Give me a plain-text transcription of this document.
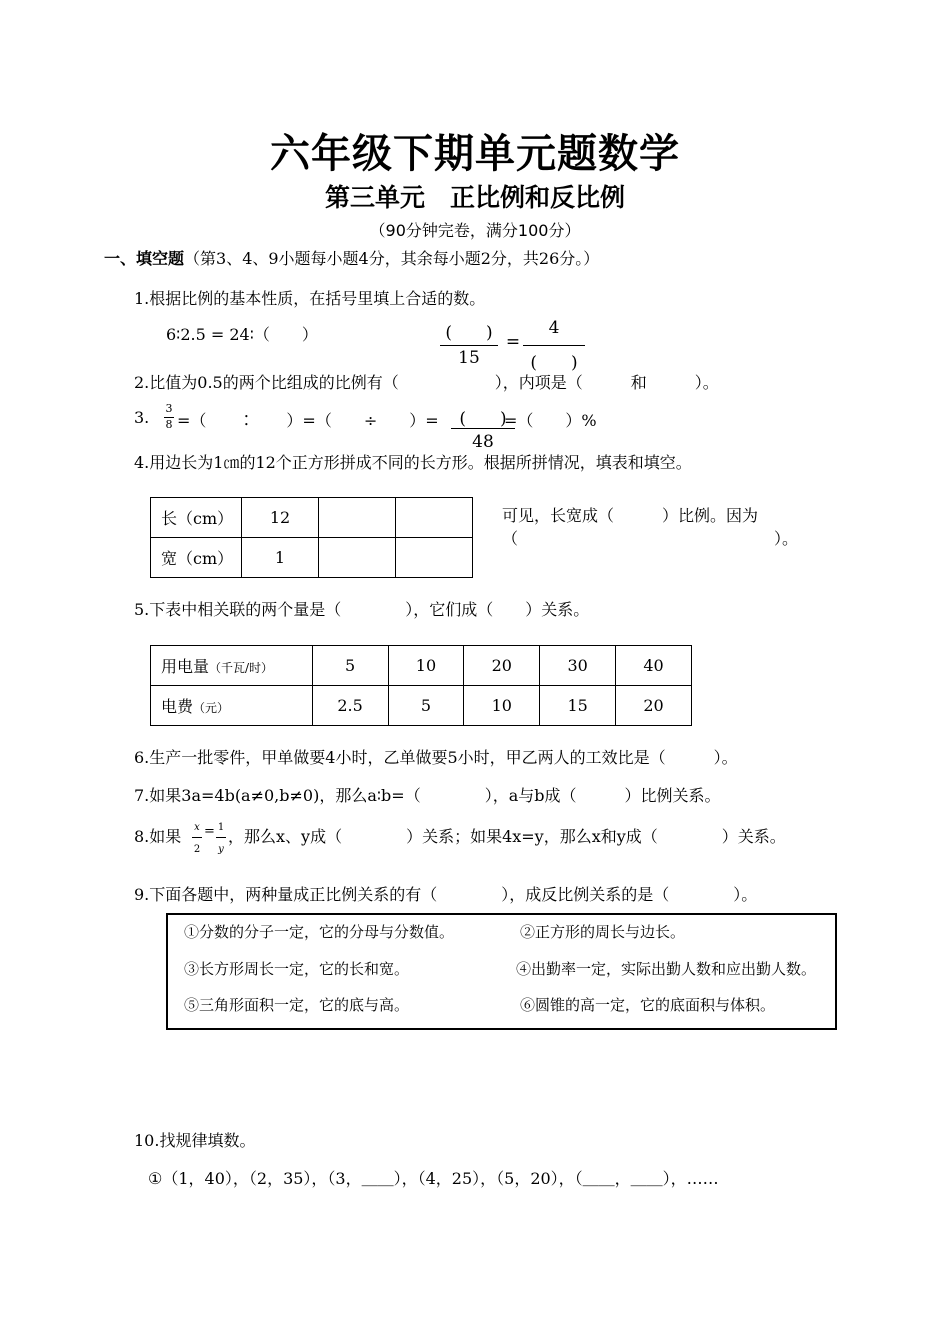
六年级下期单元题数学
第三单元　正比例和反比例
（90分钟完卷，满分100分）
一、填空题（第3、4、9小题每小题4分，其余每小题2分，共26分。）
1.根据比例的基本性质，在括号里填上合适的数。
6∶2.5 = 24∶（　　）	(　　)
15
=
4
(　　)
2.比值为0.5的两个比组成的比例有（　　　　　　），内项是（　　　和　　　）。
3. 3
8 =（　　∶　　）=（　　÷　　）=	(　　)
48
=（　　）%
4.用边长为1㎝的12个正方形拼成不同的长方形。根据所拼情况，填表和填空。
长（cm）	12		
宽（cm）	1		
可见，长宽成（　　　）比例。因为
（　　　　　　　　　　　　　　　　）。
5.下表中相关联的两个量是（　　　　），它们成（　　）关系。
用电量（千瓦/时）	5	10	20	30	40
电费（元）	2.5	5	10	15	20
6.生产一批零件，甲单做要4小时，乙单做要5小时，甲乙两人的工效比是（　　　）。
7.如果3a=4b(a≠0,b≠0)，那么a∶b=（　　　　），a与b成（　　　）比例关系。
8.如果 x
2
= 1
y
，那么x、y成（　　　　）关系；如果4x=y，那么x和y成（　　　　）关系。
9.下面各题中，两种量成正比例关系的有（　　　　），成反比例关系的是（　　　　）。
①分数的分子一定，它的分母与分数值。	②正方形的周长与边长。
③长方形周长一定，它的长和宽。	④出勤率一定，实际出勤人数和应出勤人数。
⑤三角形面积一定，它的底与高。	⑥圆锥的高一定，它的底面积与体积。
10.找规律填数。
①（1，40），（2，35），（3，＿＿），（4，25），（5，20），（＿＿，＿＿），……
